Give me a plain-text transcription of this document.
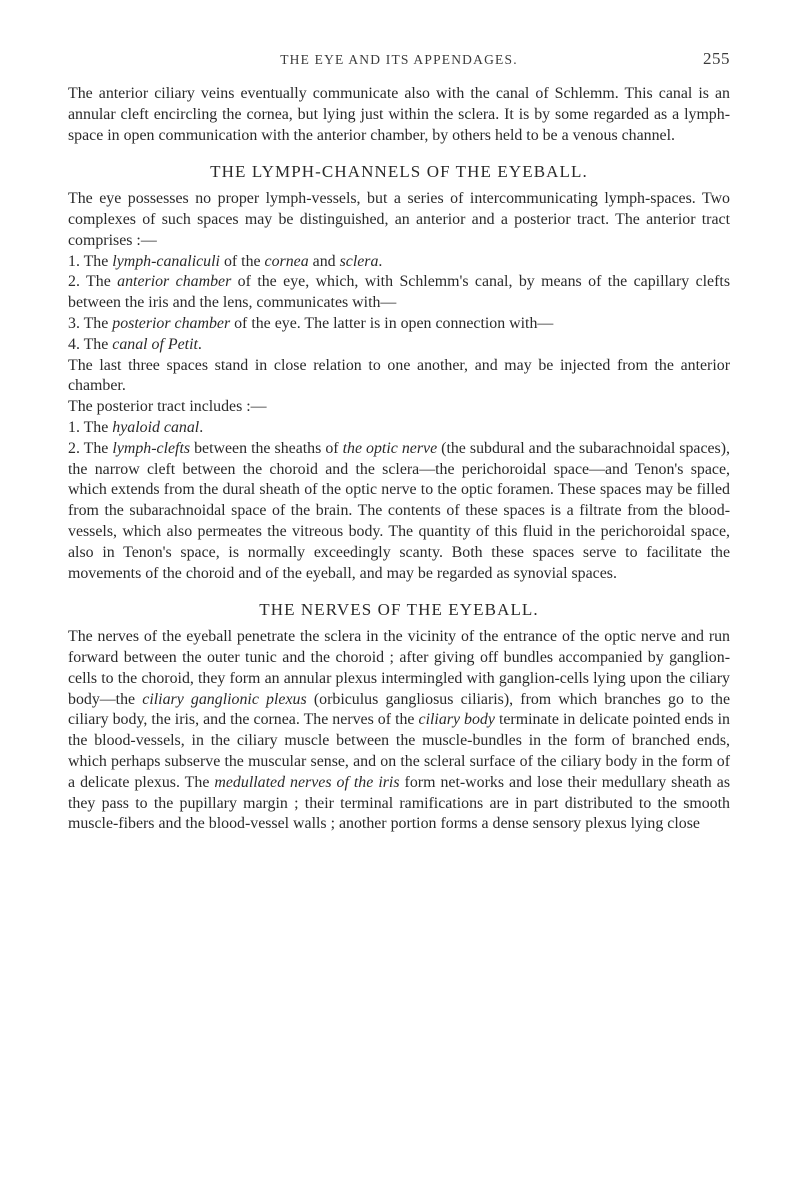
THE EYE AND ITS APPENDAGES.	255

The anterior ciliary veins eventually communicate also with the canal of Schlemm. This canal is an annular cleft encircling the cornea, but lying just within the sclera. It is by some regarded as a lymph-space in open communication with the anterior chamber, by others held to be a venous channel.

THE LYMPH-CHANNELS OF THE EYEBALL.

The eye possesses no proper lymph-vessels, but a series of intercommunicating lymph-spaces. Two complexes of such spaces may be distinguished, an anterior and a posterior tract. The anterior tract comprises :—

1. The lymph-canaliculi of the cornea and sclera.

2. The anterior chamber of the eye, which, with Schlemm's canal, by means of the capillary clefts between the iris and the lens, communicates with—

3. The posterior chamber of the eye. The latter is in open connection with—

4. The canal of Petit.

The last three spaces stand in close relation to one another, and may be injected from the anterior chamber.

The posterior tract includes :—

1. The hyaloid canal.

2. The lymph-clefts between the sheaths of the optic nerve (the subdural and the subarachnoidal spaces), the narrow cleft between the choroid and the sclera—the perichoroidal space—and Tenon's space, which extends from the dural sheath of the optic nerve to the optic foramen. These spaces may be filled from the subarachnoidal space of the brain. The contents of these spaces is a filtrate from the blood-vessels, which also permeates the vitreous body. The quantity of this fluid in the perichoroidal space, also in Tenon's space, is normally exceedingly scanty. Both these spaces serve to facilitate the movements of the choroid and of the eyeball, and may be regarded as synovial spaces.

THE NERVES OF THE EYEBALL.

The nerves of the eyeball penetrate the sclera in the vicinity of the entrance of the optic nerve and run forward between the outer tunic and the choroid ; after giving off bundles accompanied by ganglion-cells to the choroid, they form an annular plexus intermingled with ganglion-cells lying upon the ciliary body—the ciliary ganglionic plexus (orbiculus gangliosus ciliaris), from which branches go to the ciliary body, the iris, and the cornea. The nerves of the ciliary body terminate in delicate pointed ends in the blood-vessels, in the ciliary muscle between the muscle-bundles in the form of branched ends, which perhaps subserve the muscular sense, and on the scleral surface of the ciliary body in the form of a delicate plexus. The medullated nerves of the iris form net-works and lose their medullary sheath as they pass to the pupillary margin ; their terminal ramifications are in part distributed to the smooth muscle-fibers and the blood-vessel walls ; another portion forms a dense sensory plexus lying close
